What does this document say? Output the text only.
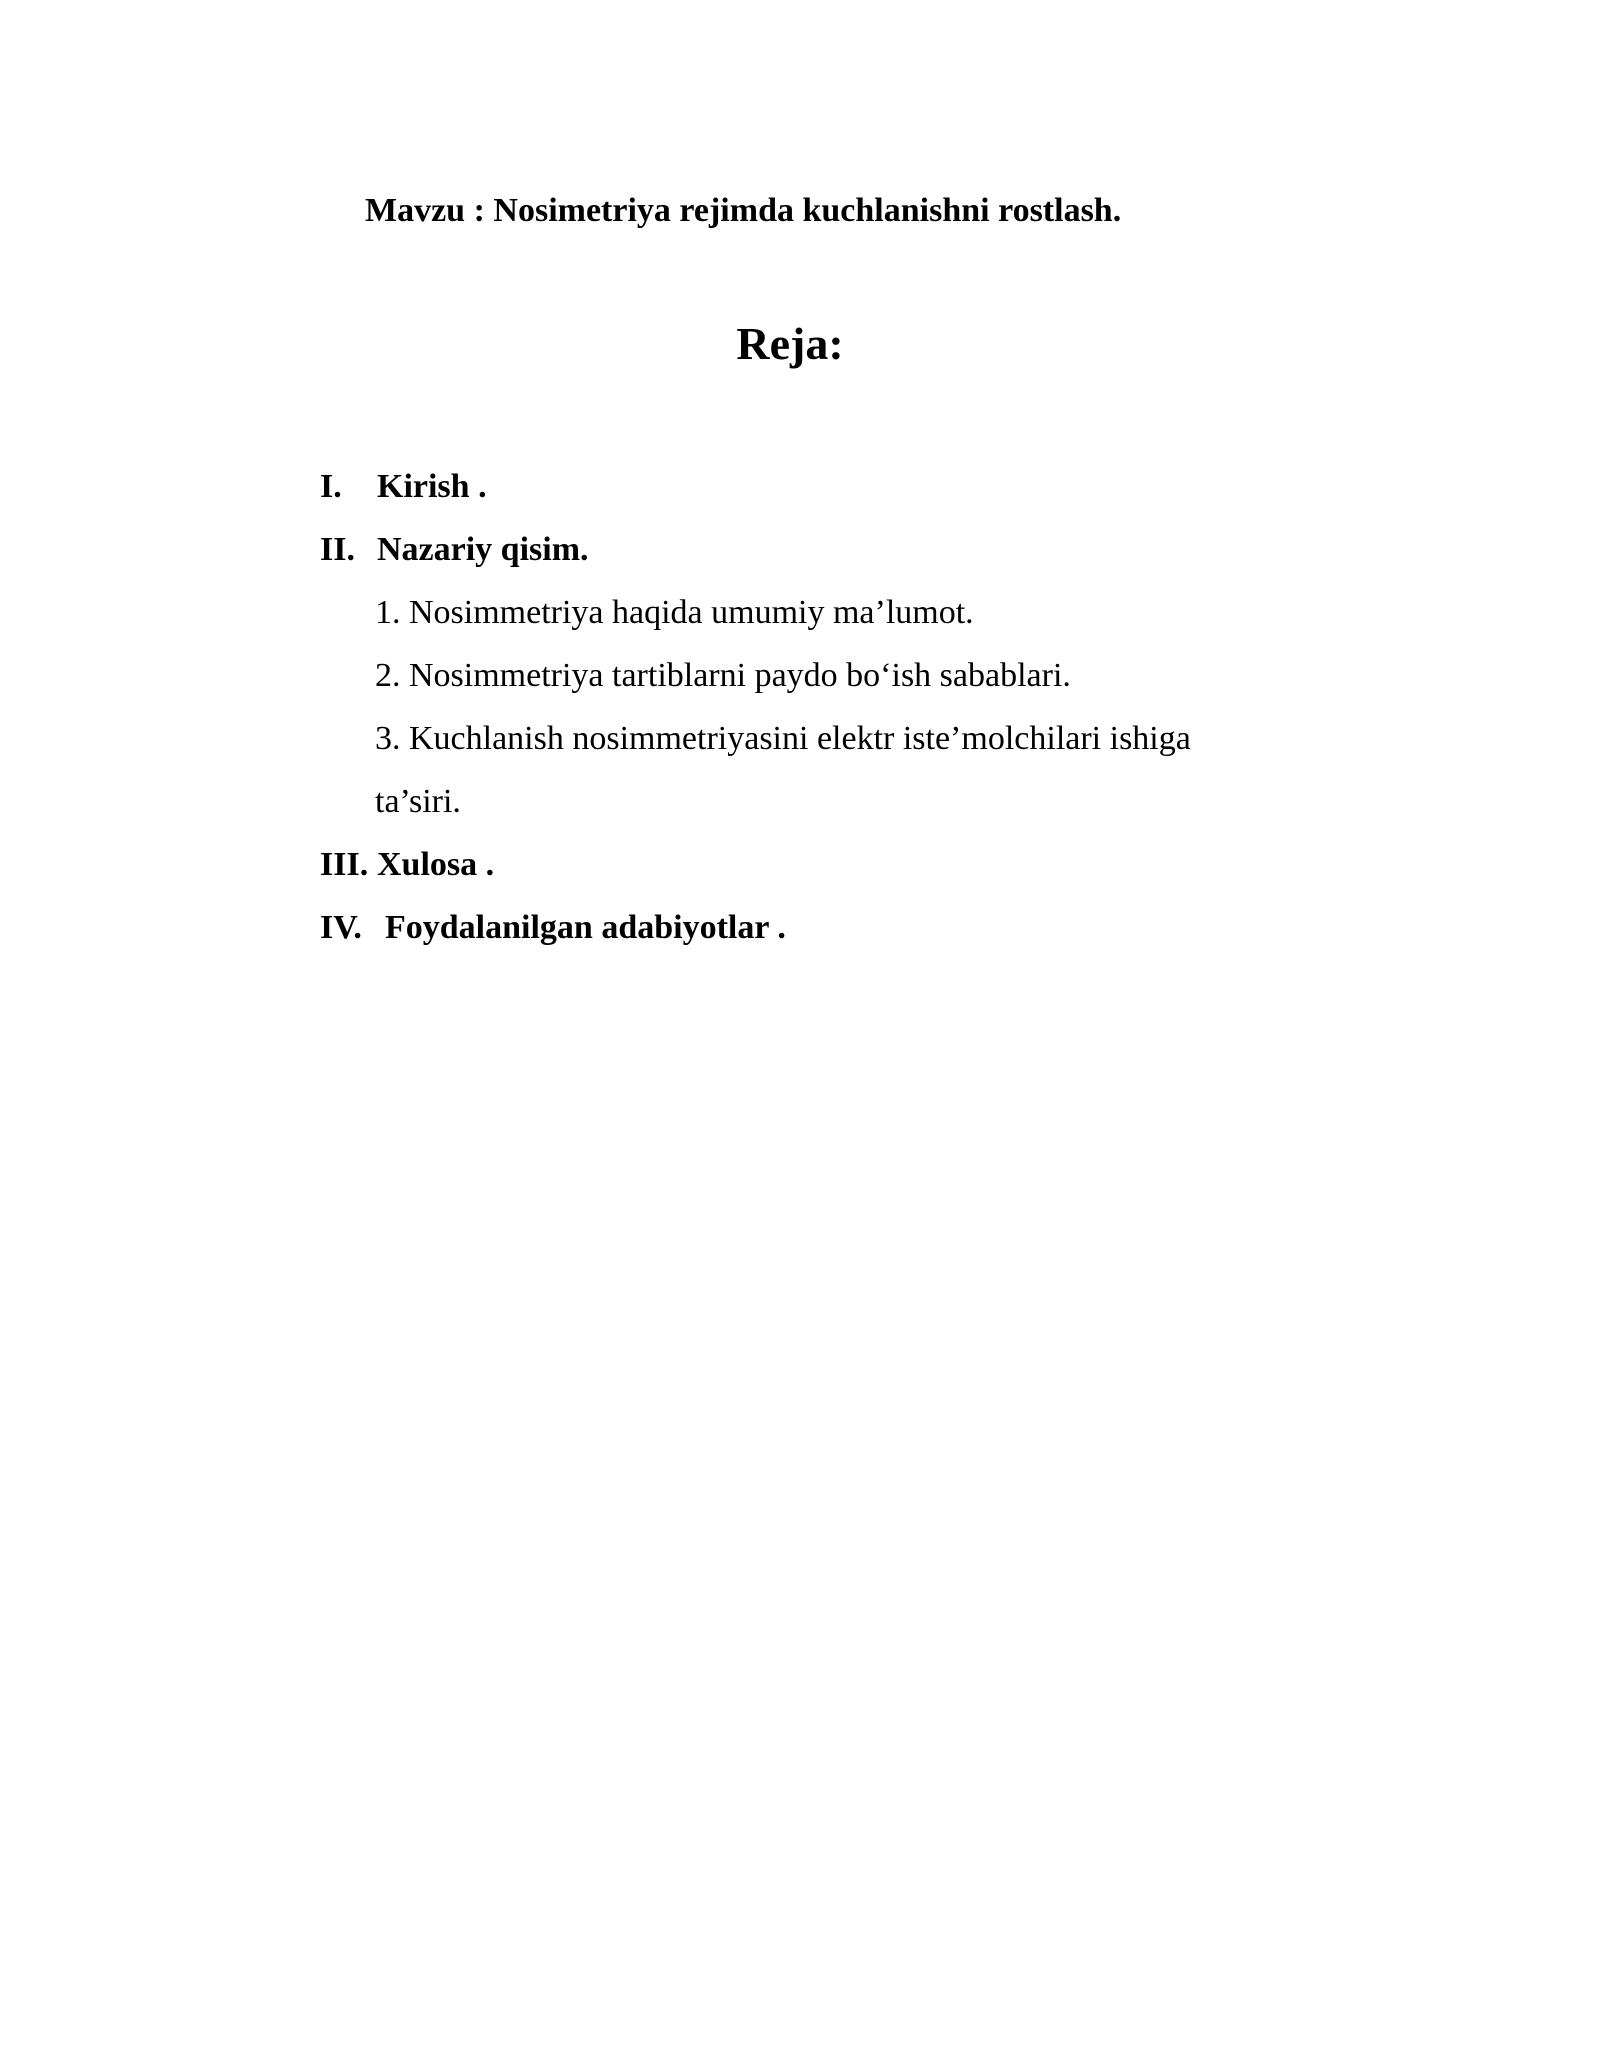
Mavzu : Nosimetriya rejimda kuchlanishni rostlash.
Reja:
I. Kirish .
II. Nazariy qisim.
1. Nosimmetriya haqida umumiy ma’lumot.
2. Nosimmetriya tartiblarni paydo bo‘ish sabablari.
3. Kuchlanish nosimmetriyasini elektr iste’molchilari ishiga
ta’siri.
III. Xulosa .
IV. Foydalanilgan adabiyotlar .
